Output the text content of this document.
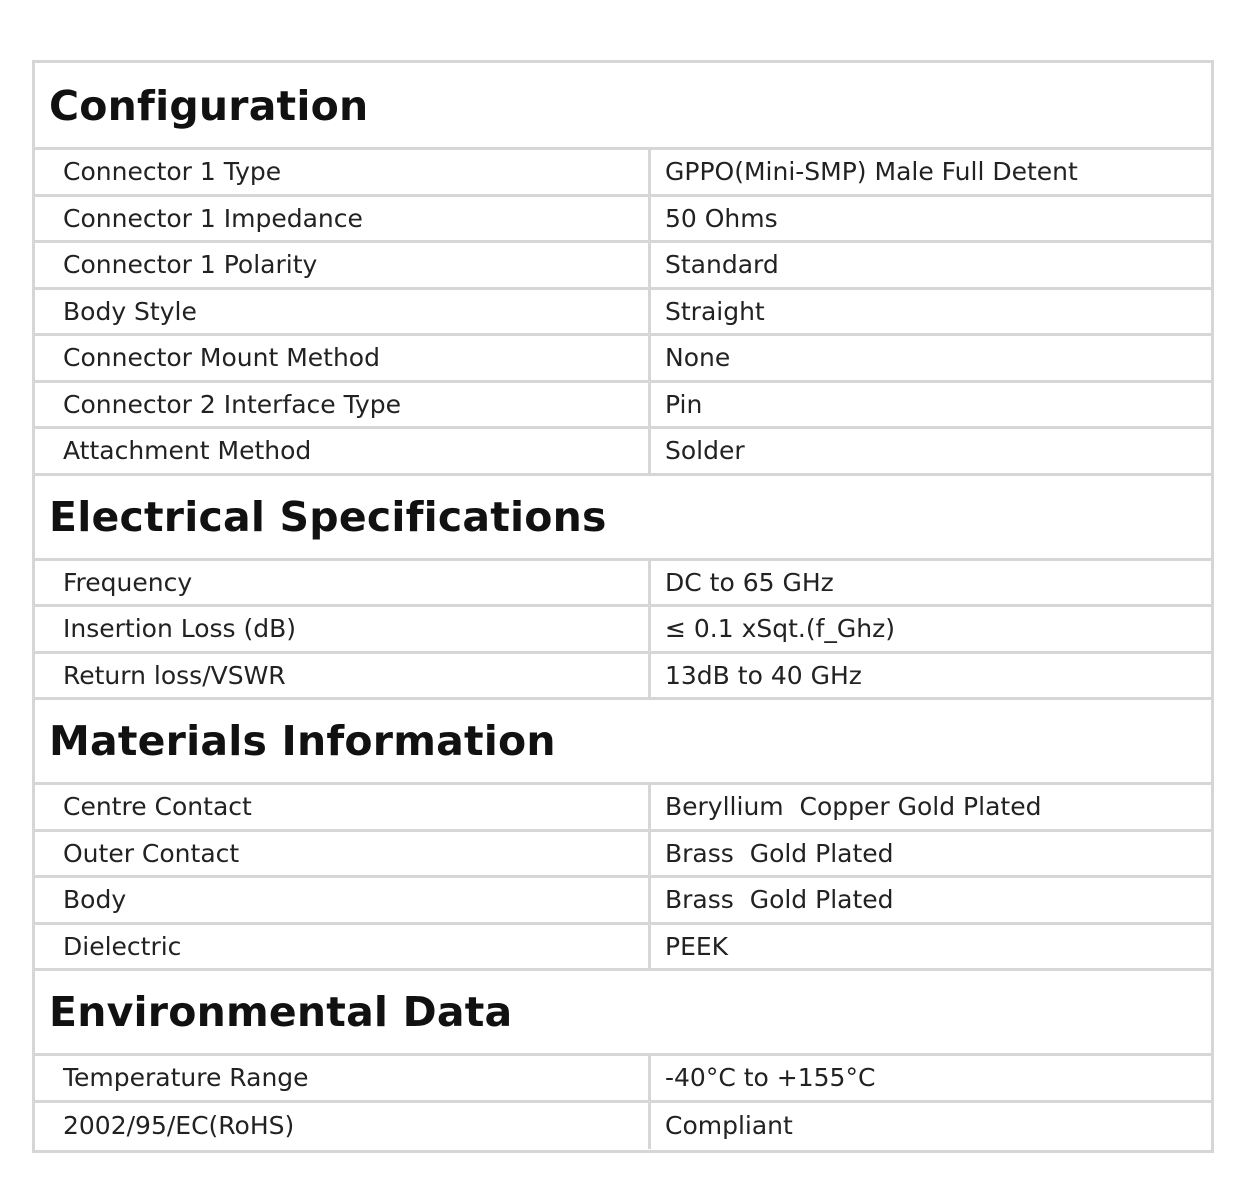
Configuration
Connector 1 Type	GPPO(Mini-SMP) Male Full Detent
Connector 1 Impedance	50 Ohms
Connector 1 Polarity	Standard
Body Style	Straight
Connector Mount Method	None
Connector 2 Interface Type	Pin
Attachment Method	Solder
Electrical Specifications
Frequency	DC to 65 GHz
Insertion Loss (dB)	≤ 0.1 xSqt.(f_Ghz)
Return loss/VSWR	13dB to 40 GHz
Materials Information
Centre Contact	Beryllium  Copper Gold Plated
Outer Contact	Brass  Gold Plated
Body	Brass  Gold Plated
Dielectric	PEEK
Environmental Data
Temperature Range	-40°C to +155°C
2002/95/EC(RoHS)	Compliant
